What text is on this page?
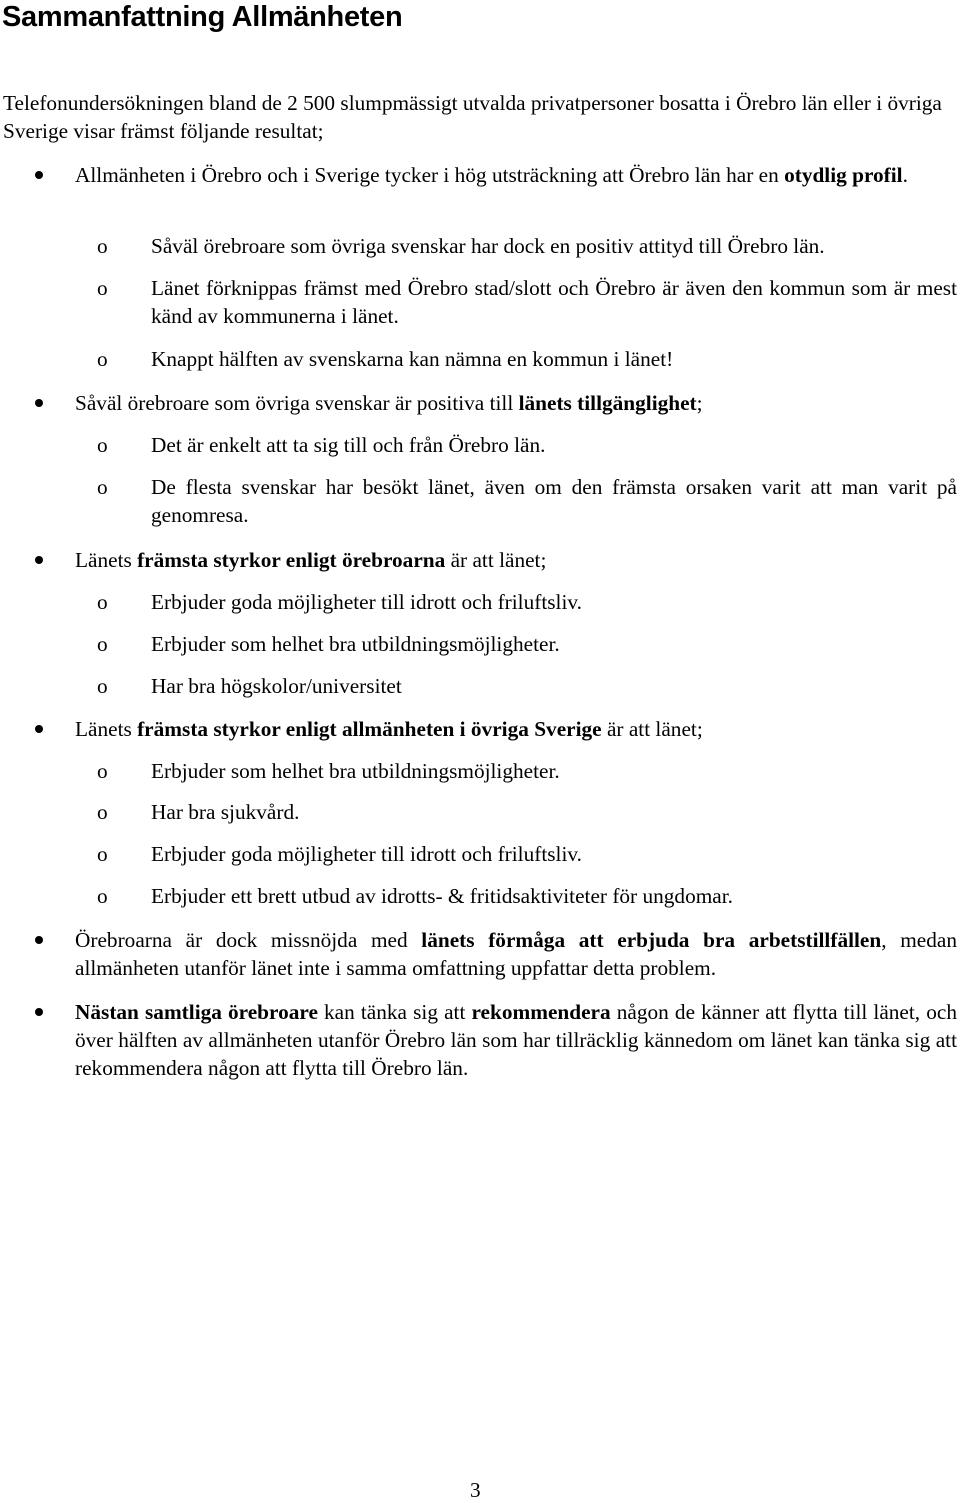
Sammanfattning Allmänheten

Telefonundersökningen bland de 2 500 slumpmässigt utvalda privatpersoner bosatta i Örebro län eller i övriga Sverige visar främst följande resultat;

Allmänheten i Örebro och i Sverige tycker i hög utsträckning att Örebro län har en otydlig profil.

o Såväl örebroare som övriga svenskar har dock en positiv attityd till Örebro län.

o Länet förknippas främst med Örebro stad/slott och Örebro är även den kommun som är mest känd av kommunerna i länet.

o Knappt hälften av svenskarna kan nämna en kommun i länet!

Såväl örebroare som övriga svenskar är positiva till länets tillgänglighet;

o Det är enkelt att ta sig till och från Örebro län.

o De flesta svenskar har besökt länet, även om den främsta orsaken varit att man varit på genomresa.

Länets främsta styrkor enligt örebroarna är att länet;

o Erbjuder goda möjligheter till idrott och friluftsliv.

o Erbjuder som helhet bra utbildningsmöjligheter.

o Har bra högskolor/universitet

Länets främsta styrkor enligt allmänheten i övriga Sverige är att länet;

o Erbjuder som helhet bra utbildningsmöjligheter.

o Har bra sjukvård.

o Erbjuder goda möjligheter till idrott och friluftsliv.

o Erbjuder ett brett utbud av idrotts- & fritidsaktiviteter för ungdomar.

Örebroarna är dock missnöjda med länets förmåga att erbjuda bra arbetstillfällen, medan allmänheten utanför länet inte i samma omfattning uppfattar detta problem.

Nästan samtliga örebroare kan tänka sig att rekommendera någon de känner att flytta till länet, och över hälften av allmänheten utanför Örebro län som har tillräcklig kännedom om länet kan tänka sig att rekommendera någon att flytta till Örebro län.

3
